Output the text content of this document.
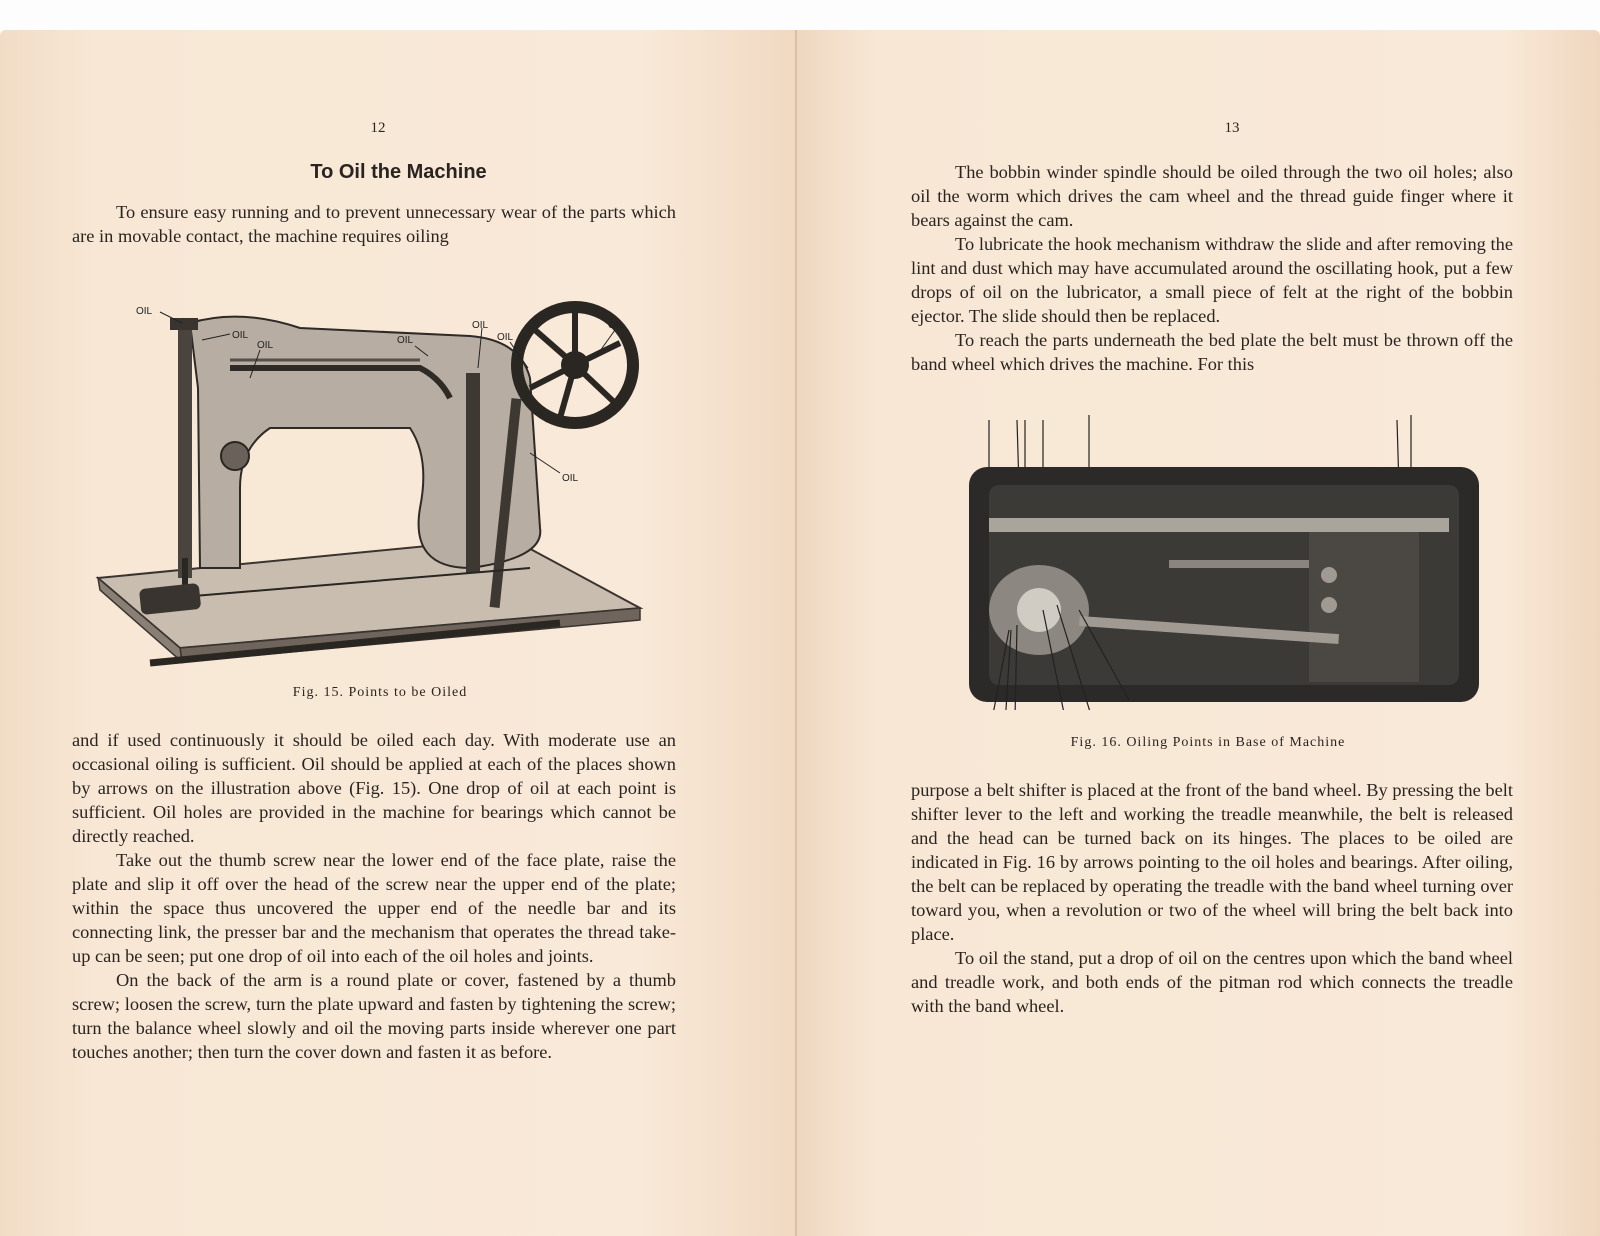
12
To Oil the Machine

To ensure easy running and to prevent unnecessary wear of the parts which are in movable contact, the machine requires oiling

OIL
OIL
OIL	OIL
OIL
OIL
OIL
OIL
Fig. 15. Points to be Oiled

and if used continuously it should be oiled each day. With moderate use an occasional oiling is sufficient. Oil should be applied at each of the places shown by arrows on the illustration above (Fig. 15). One drop of oil at each point is sufficient. Oil holes are provided in the machine for bearings which cannot be directly reached.

Take out the thumb screw near the lower end of the face plate, raise the plate and slip it off over the head of the screw near the upper end of the plate; within the space thus uncovered the upper end of the needle bar and its connecting link, the presser bar and the mechanism that operates the thread take-up can be seen; put one drop of oil into each of the oil holes and joints.

On the back of the arm is a round plate or cover, fastened by a thumb screw; loosen the screw, turn the plate upward and fasten by tightening the screw; turn the balance wheel slowly and oil the moving parts inside wherever one part touches another; then turn the cover down and fasten it as before.

13

The bobbin winder spindle should be oiled through the two oil holes; also oil the worm which drives the cam wheel and the thread guide finger where it bears against the cam.

To lubricate the hook mechanism withdraw the slide and after removing the lint and dust which may have accumulated around the oscillating hook, put a few drops of oil on the lubricator, a small piece of felt at the right of the bobbin ejector. The slide should then be replaced.

To reach the parts underneath the bed plate the belt must be thrown off the band wheel which drives the machine. For this

Fig. 16. Oiling Points in Base of Machine

purpose a belt shifter is placed at the front of the band wheel. By pressing the belt shifter lever to the left and working the treadle meanwhile, the belt is released and the head can be turned back on its hinges. The places to be oiled are indicated in Fig. 16 by arrows pointing to the oil holes and bearings. After oiling, the belt can be replaced by operating the treadle with the band wheel turning over toward you, when a revolution or two of the wheel will bring the belt back into place.

To oil the stand, put a drop of oil on the centres upon which the band wheel and treadle work, and both ends of the pitman rod which connects the treadle with the band wheel.
